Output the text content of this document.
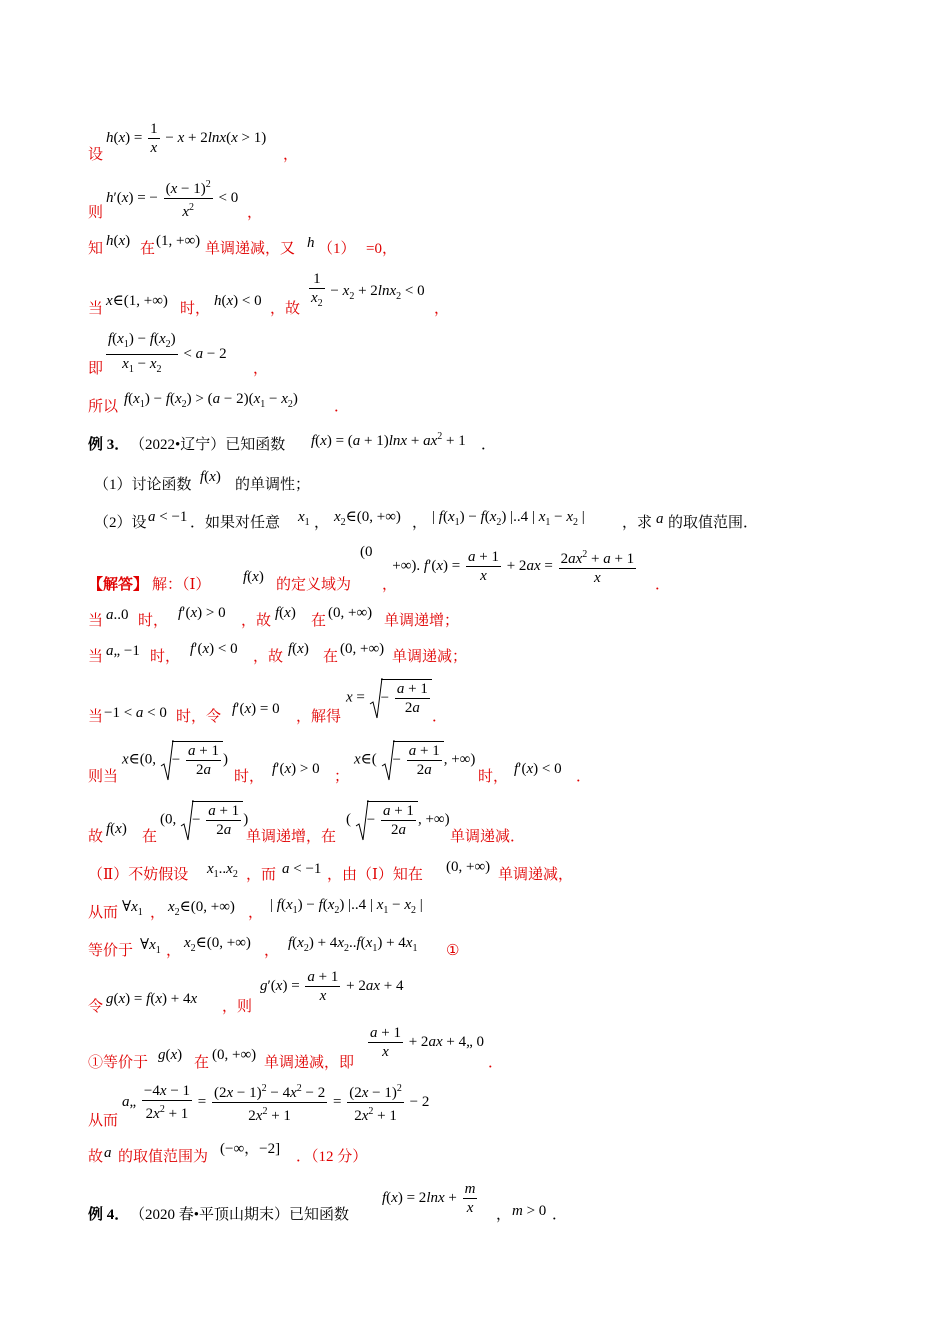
设
$h(x) = \frac{1}{x} - x + 2\ln x(x > 1)$
，
则
h′(x) = − $\frac{(x - 1)^2}{x^2} < 0$
，
知 h(x) 在 (1, +∞) 单调递减，又 h （1） =0，
当 x∈(1, +∞) 时， h(x) < 0 ，故 $\frac{1}{x_2} - x_2 + 2\ln x_2 < 0$
，
即 $\frac{f(x_1) - f(x_2)}{x_1 - x_2} < a - 2$
，
所以 $f(x_1) - f(x_2) > (a - 2)(x_1 - x_2)$ ．
例 3． （2022•辽宁）已知函数 $f(x) = (a + 1)\ln x + ax^2 + 1$ ．
（1）讨论函数 f(x) 的单调性；
（2）设 a < −1 ．如果对任意 $x_1$ ， $x_2\in(0$, +∞) ， | $f(x_1) - f(x_2)$ |..4 | $x_1 - x_2$ | ，求 a 的取值范围．
【解答】 解：（Ⅰ） f(x) 的定义域为
(0 +∞). $f'(x) = \frac{a + 1}{x} + 2ax = \frac{2ax^2 + a + 1}{x}$
，	．
当 a..0 时， f′(x) > 0 ，故 f(x) 在 (0, +∞) 单调递增；
当 a„ −1 时， f′(x) < 0 ，故 f(x) 在 (0, +∞) 单调递减；
当 −1 < a < 0 时，令 f′(x) = 0 ，解得
x = − $\frac{a + 1}{2a}$ ．
则当
x∈(0, − $\frac{a + 1}{2a}$ )
时， f′(x) > 0 ；
x∈( − $\frac{a + 1}{2a}$ , +∞)
时， f′(x) < 0 ．
故 f(x) 在
(0, − $\frac{a + 1}{2a}$ )
单调递增，在
( − $\frac{a + 1}{2a}$ , +∞)
单调递减．
（Ⅱ）不妨假设 $x_1..x_2$ ，而 a < −1 ，由（Ⅰ）知在 (0, +∞) 单调递减，
从而 $\forall x_1$ ， $x_2\in(0$, +∞) ， | $f(x_1) - f(x_2)$ |..4 | $x_1 - x_2$ |
等价于 $\forall x_1$ ， $x_2\in(0$, +∞) ， $f(x_2) + 4x_2..f(x_1) + 4x_1$ ①
令 g(x) = f(x) + 4x ，则
$g'(x) = \frac{a + 1}{x} + 2ax + 4$
①等价于 g(x) 在 (0, +∞) 单调递减，即
$\frac{a + 1}{x} + 2ax$ + 4„ 0
．
从而
a„ $\frac{-4x - 1}{2x^2 + 1} = \frac{(2x - 1)^2 - 4x^2 - 2}{2x^2 + 1} = \frac{(2x - 1)^2}{2x^2 + 1} - 2$
故 a 的取值范围为 (−∞，−2] ．（12 分）
例 4． （2020 春•平顶山期末）已知函数
$f(x) = 2\ln x + \frac{m}{x}$ ， m > 0 ．
